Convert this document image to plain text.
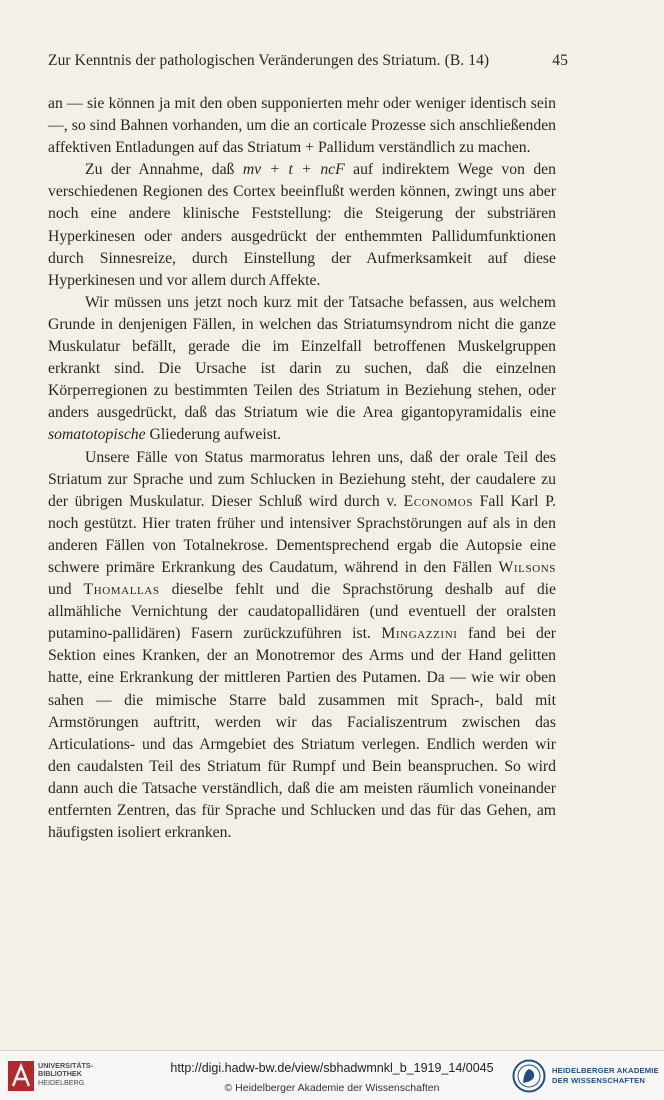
Zur Kenntnis der pathologischen Veränderungen des Striatum. (B. 14)	45

an — sie können ja mit den oben supponierten mehr oder weniger identisch sein —, so sind Bahnen vorhanden, um die an corticale Prozesse sich anschließenden affektiven Entladungen auf das Striatum + Pallidum verständlich zu machen.

Zu der Annahme, daß mv + t + ncF auf indirektem Wege von den verschiedenen Regionen des Cortex beeinflußt werden können, zwingt uns aber noch eine andere klinische Feststellung: die Steigerung der substriären Hyperkinesen oder anders ausgedrückt der enthemmten Pallidumfunktionen durch Sinnesreize, durch Einstellung der Aufmerksamkeit auf diese Hyperkinesen und vor allem durch Affekte.

Wir müssen uns jetzt noch kurz mit der Tatsache befassen, aus welchem Grunde in denjenigen Fällen, in welchen das Striatumsyndrom nicht die ganze Muskulatur befällt, gerade die im Einzelfall betroffenen Muskelgruppen erkrankt sind. Die Ursache ist darin zu suchen, daß die einzelnen Körperregionen zu bestimmten Teilen des Striatum in Beziehung stehen, oder anders ausgedrückt, daß das Striatum wie die Area gigantopyramidalis eine somatotopische Gliederung aufweist.

Unsere Fälle von Status marmoratus lehren uns, daß der orale Teil des Striatum zur Sprache und zum Schlucken in Beziehung steht, der caudalere zu der übrigen Muskulatur. Dieser Schluß wird durch v. Economos Fall Karl P. noch gestützt. Hier traten früher und intensiver Sprachstörungen auf als in den anderen Fällen von Totalnekrose. Dementsprechend ergab die Autopsie eine schwere primäre Erkrankung des Caudatum, während in den Fällen Wilsons und Thomallas dieselbe fehlt und die Sprachstörung deshalb auf die allmähliche Vernichtung der caudatopallidären (und eventuell der oralsten putamino-pallidären) Fasern zurückzuführen ist. Mingazzini fand bei der Sektion eines Kranken, der an Monotremor des Arms und der Hand gelitten hatte, eine Erkrankung der mittleren Partien des Putamen. Da — wie wir oben sahen — die mimische Starre bald zusammen mit Sprach-, bald mit Armstörungen auftritt, werden wir das Facialiszentrum zwischen das Articulations- und das Armgebiet des Striatum verlegen. Endlich werden wir den caudalsten Teil des Striatum für Rumpf und Bein beanspruchen. So wird dann auch die Tatsache verständlich, daß die am meisten räumlich voneinander entfernten Zentren, das für Sprache und Schlucken und das für das Gehen, am häufigsten isoliert erkranken.

UNIVERSITÄTS-
BIBLIOTHEK
HEIDELBERG
http://digi.hadw-bw.de/view/sbhadwmnkl_b_1919_14/0045
© Heidelberger Akademie der Wissenschaften
HEIDELBERGER AKADEMIE
DER WISSENSCHAFTEN
